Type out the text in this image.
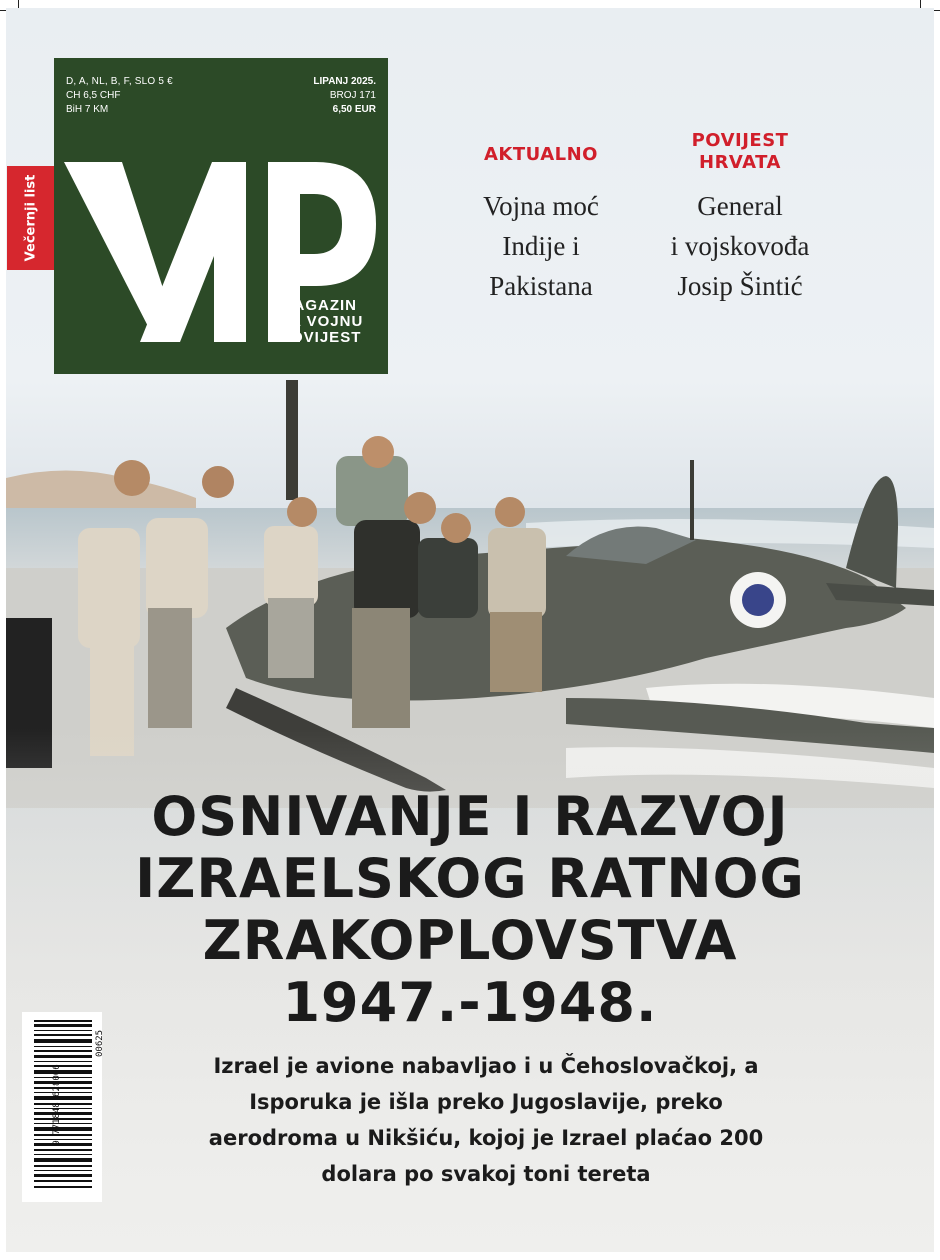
D, A, NL, B, F, SLO 5 €
CH 6,5 CHF
BiH 7 KM
LIPANJ 2025.
BROJ 171
6,50 EUR
MAGAZIN
ZA VOJNU
POVIJEST
Večernji list
AKTUALNO
Vojna moć
Indije i
Pakistana
POVIJEST
HRVATA
General
i vojskovođa
Josip Šintić
OSNIVANJE I RAZVOJ
IZRAELSKOG RATNOG
ZRAKOPLOVSTVA
1947.-1948.
Izrael je avione nabavljao i u Čehoslovačkoj, a
Isporuka je išla preko Jugoslavije, preko
aerodroma u Nikšiću, kojoj je Izrael plaćao 200
dolara po svakoj toni tereta
9 771848 628006
00625
